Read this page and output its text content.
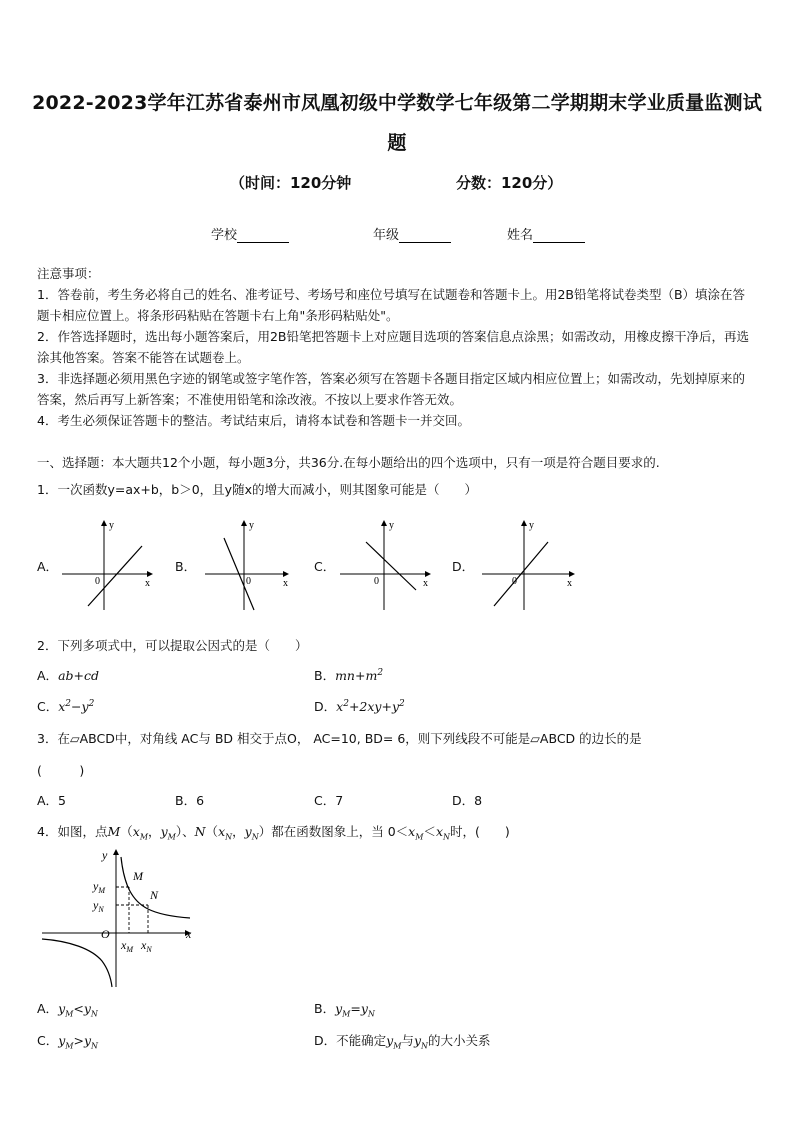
2022-2023学年江苏省泰州市凤凰初级中学数学七年级第二学期期末学业质量监测试
题
（时间：120分钟	分数：120分）
学校	年级	姓名
注意事项：
1．答卷前，考生务必将自己的姓名、准考证号、考场号和座位号填写在试题卷和答题卡上。用2B铅笔将试卷类型（B）填涂在答题卡相应位置上。将条形码粘贴在答题卡右上角"条形码粘贴处"。
2．作答选择题时，选出每小题答案后，用2B铅笔把答题卡上对应题目选项的答案信息点涂黑；如需改动，用橡皮擦干净后，再选涂其他答案。答案不能答在试题卷上。
3．非选择题必须用黑色字迹的钢笔或签字笔作答，答案必须写在答题卡各题目指定区域内相应位置上；如需改动，先划掉原来的答案，然后再写上新答案；不准使用铅笔和涂改液。不按以上要求作答无效。
4．考生必须保证答题卡的整洁。考试结束后，请将本试卷和答题卡一并交回。
一、选择题：本大题共12个小题，每小题3分，共36分.在每小题给出的四个选项中，只有一项是符合题目要求的.
1．一次函数y=ax+b，b＞0，且y随x的增大而减小，则其图象可能是（　　）
A．	B．	C．	D．
0	x
y
0	x
y
0	x
y
0	x
y
2．下列多项式中，可以提取公因式的是（　　）
A．ab+cd	B．$mn+m^2$
C．$x^2-y^2$	D．$x^2+2xy+y^2$
3．在▱ABCD中，对角线 AC与 BD 相交于点O， AC=10, BD= 6，则下列线段不可能是▱ABCD 的边长的是
(　　　)
A．5	B．6	C．7	D．8
4．如图，点$M(x_M$，$y_M$）、$N(x_N$，$y_N$）都在函数图象上，当 $0<x_M<x_N$时，(　　)
y
x
O
M
N
$y_M$
$y_N$
$x_M$ $x_N$
A．$y_M<y_N$	B．$y_M=y_N$
C．$y_M>y_N$	D．不能确定$y_M$与$y_N$的大小关系
